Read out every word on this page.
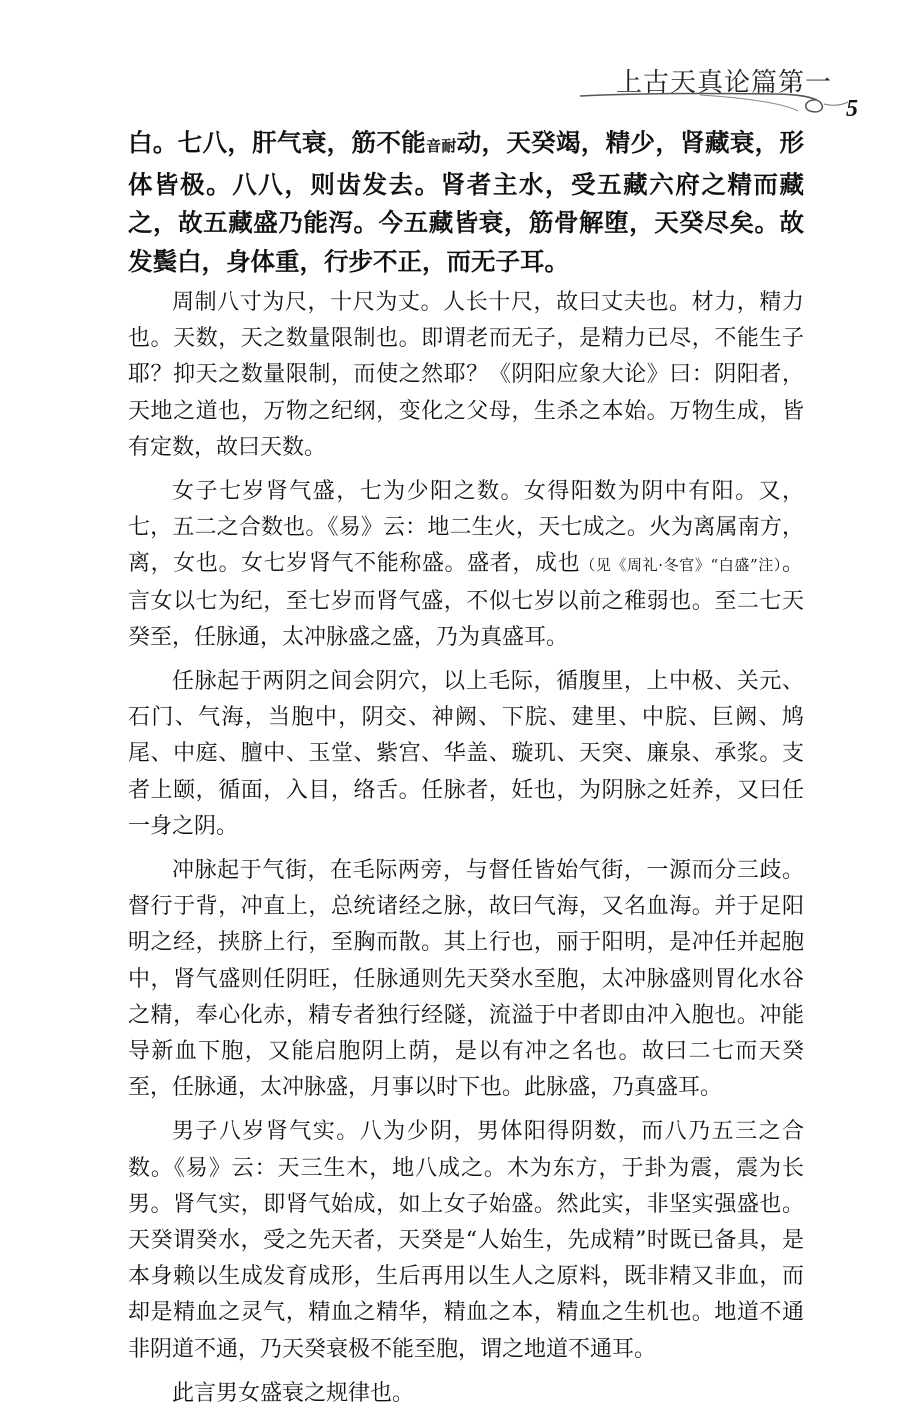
上古天真论篇第一
5

白。七八，肝气衰，筋不能音耐动，天癸竭，精少，肾藏衰，形体皆极。八八，则齿发去。肾者主水，受五藏六府之精而藏之，故五藏盛乃能泻。今五藏皆衰，筋骨解堕，天癸尽矣。故发鬓白，身体重，行步不正，而无子耳。

周制八寸为尺，十尺为丈。人长十尺，故曰丈夫也。材力，精力也。天数，天之数量限制也。即谓老而无子，是精力已尽，不能生子耶？抑天之数量限制，而使之然耶？《阴阳应象大论》曰：阴阳者，天地之道也，万物之纪纲，变化之父母，生杀之本始。万物生成，皆有定数，故曰天数。

女子七岁肾气盛，七为少阳之数。女得阳数为阴中有阳。又，七，五二之合数也。《易》云：地二生火，天七成之。火为离属南方，离，女也。女七岁肾气不能称盛。盛者，成也（见《周礼·冬官》“白盛”注）。言女以七为纪，至七岁而肾气盛，不似七岁以前之稚弱也。至二七天癸至，任脉通，太冲脉盛之盛，乃为真盛耳。

任脉起于两阴之间会阴穴，以上毛际，循腹里，上中极、关元、石门、气海，当胞中，阴交、神阙、下脘、建里、中脘、巨阙、鸠尾、中庭、膻中、玉堂、紫宫、华盖、璇玑、天突、廉泉、承浆。支者上颐，循面，入目，络舌。任脉者，妊也，为阴脉之妊养，又曰任一身之阴。

冲脉起于气街，在毛际两旁，与督任皆始气街，一源而分三歧。督行于背，冲直上，总统诸经之脉，故曰气海，又名血海。并于足阳明之经，挟脐上行，至胸而散。其上行也，丽于阳明，是冲任并起胞中，肾气盛则任阴旺，任脉通则先天癸水至胞，太冲脉盛则胃化水谷之精，奉心化赤，精专者独行经隧，流溢于中者即由冲入胞也。冲能导新血下胞，又能启胞阴上荫，是以有冲之名也。故曰二七而天癸至，任脉通，太冲脉盛，月事以时下也。此脉盛，乃真盛耳。

男子八岁肾气实。八为少阴，男体阳得阴数，而八乃五三之合数。《易》云：天三生木，地八成之。木为东方，于卦为震，震为长男。肾气实，即肾气始成，如上女子始盛。然此实，非坚实强盛也。天癸谓癸水，受之先天者，天癸是“人始生，先成精”时既已备具，是本身赖以生成发育成形，生后再用以生人之原料，既非精又非血，而却是精血之灵气，精血之精华，精血之本，精血之生机也。地道不通非阴道不通，乃天癸衰极不能至胞，谓之地道不通耳。

此言男女盛衰之规律也。
